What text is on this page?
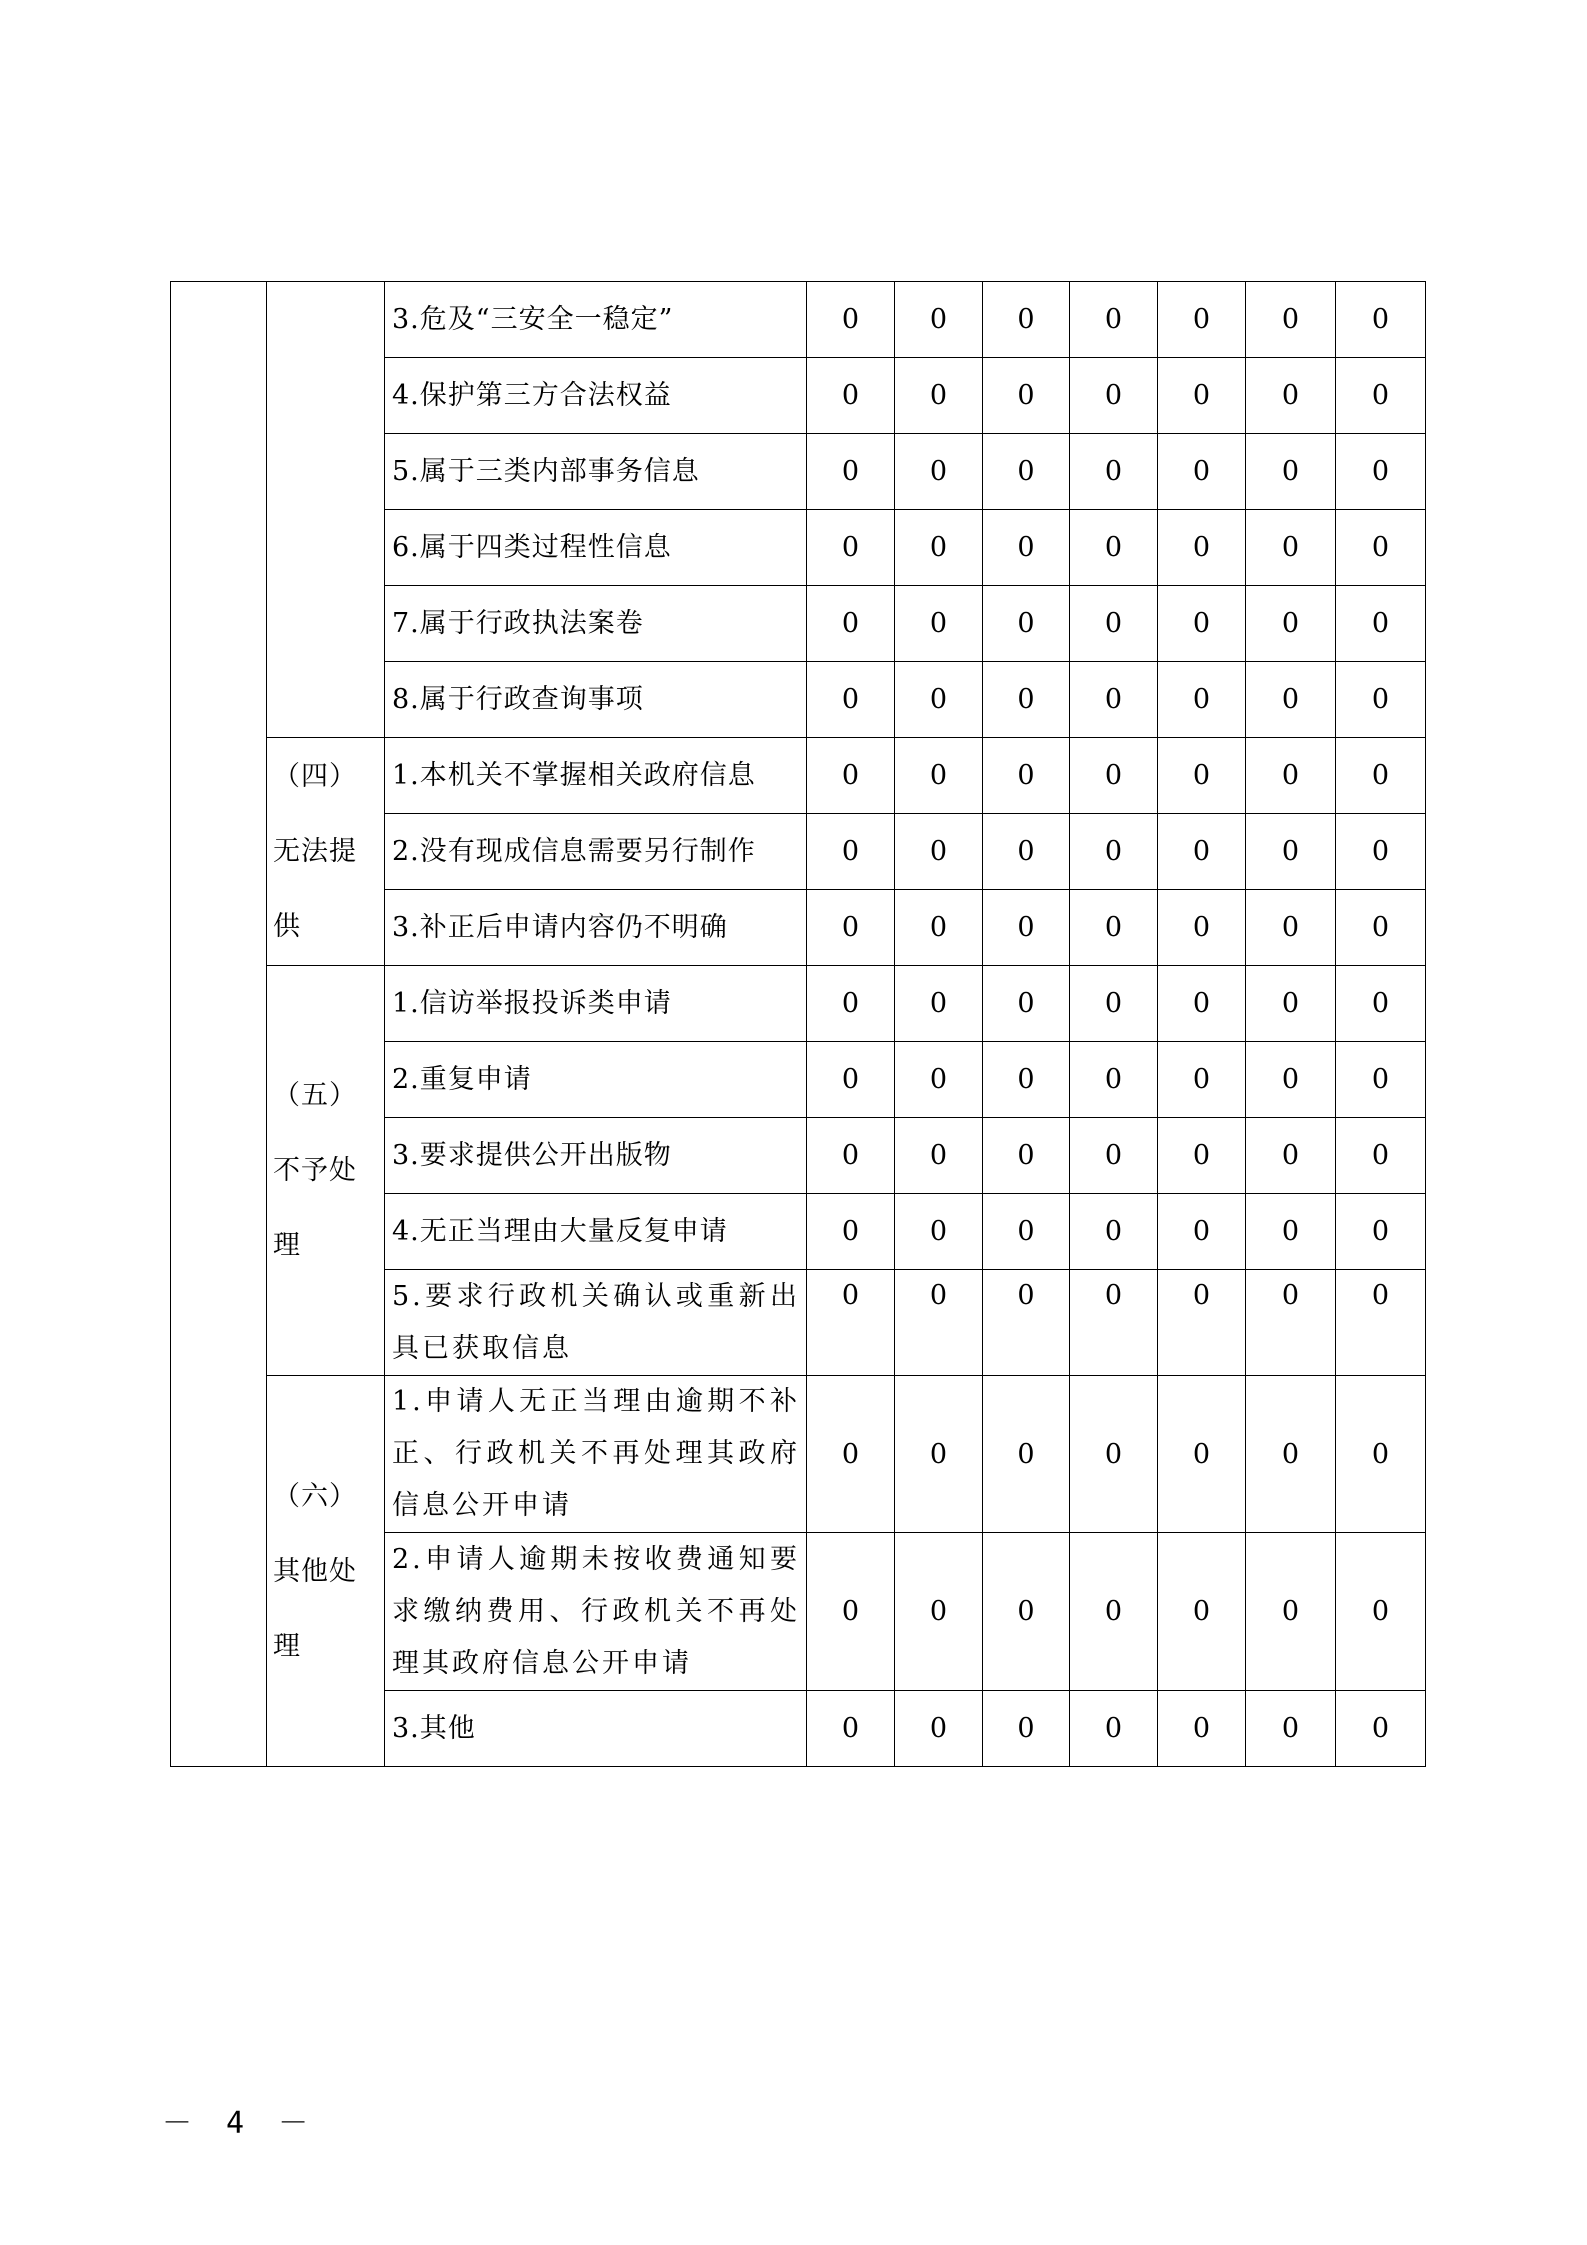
		3.危及“三安全一稳定”	0	0	0	0	0	0	0
		4.保护第三方合法权益	0	0	0	0	0	0	0
		5.属于三类内部事务信息	0	0	0	0	0	0	0
		6.属于四类过程性信息	0	0	0	0	0	0	0
		7.属于行政执法案卷	0	0	0	0	0	0	0
		8.属于行政查询事项	0	0	0	0	0	0	0
	（四）无法提供	1.本机关不掌握相关政府信息	0	0	0	0	0	0	0
		2.没有现成信息需要另行制作	0	0	0	0	0	0	0
		3.补正后申请内容仍不明确	0	0	0	0	0	0	0
	（五）不予处理	1.信访举报投诉类申请	0	0	0	0	0	0	0
		2.重复申请	0	0	0	0	0	0	0
		3.要求提供公开出版物	0	0	0	0	0	0	0
		4.无正当理由大量反复申请	0	0	0	0	0	0	0
		5.要求行政机关确认或重新出具已获取信息	0	0	0	0	0	0	0
	（六）其他处理	1.申请人无正当理由逾期不补正、行政机关不再处理其政府信息公开申请	0	0	0	0	0	0	0
		2.申请人逾期未按收费通知要求缴纳费用、行政机关不再处理其政府信息公开申请	0	0	0	0	0	0	0
		3.其他	0	0	0	0	0	0	0
－ 4 －
